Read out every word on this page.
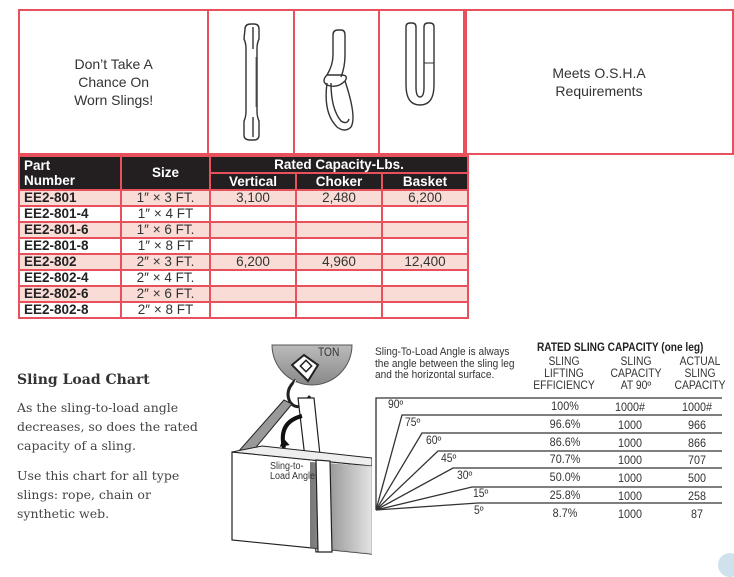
Don’t Take A
Chance On
Worn Slings!
Meets O.S.H.A
Requirements
Part
Number	Size	Rated Capacity-Lbs.		
		Vertical	Choker	Basket
EE2-801	1″ × 3 FT.	3,100	2,480	6,200
EE2-801-4	1″ × 4 FT			
EE2-801-6	1″ × 6 FT.			
EE2-801-8	1″ × 8 FT			
EE2-802	2″ × 3 FT.	6,200	4,960	12,400
EE2-802-4	2″ × 4 FT.			
EE2-802-6	2″ × 6 FT.			
EE2-802-8	2″ × 8 FT			
Sling Load Chart

As the sling-to-load angle decreases, so does the rated capacity of a sling.

Use this chart for all type slings: rope, chain or synthetic web.

TON
Sling-to-
Load Angle
Sling-To-Load Angle is always
the angle between the sling leg
and the horizontal surface.
RATED SLING CAPACITY (one leg)
SLING
LIFTING
EFFICIENCY
SLING
CAPACITY
AT 90º
ACTUAL
SLING
CAPACITY
90º	100%	1000#	1000#
75º	96.6%	1000	966
60º	86.6%	1000	866
45º	70.7%	1000	707
30º	50.0%	1000	500
15º	25.8%	1000	258
5º	8.7%	1000	87
